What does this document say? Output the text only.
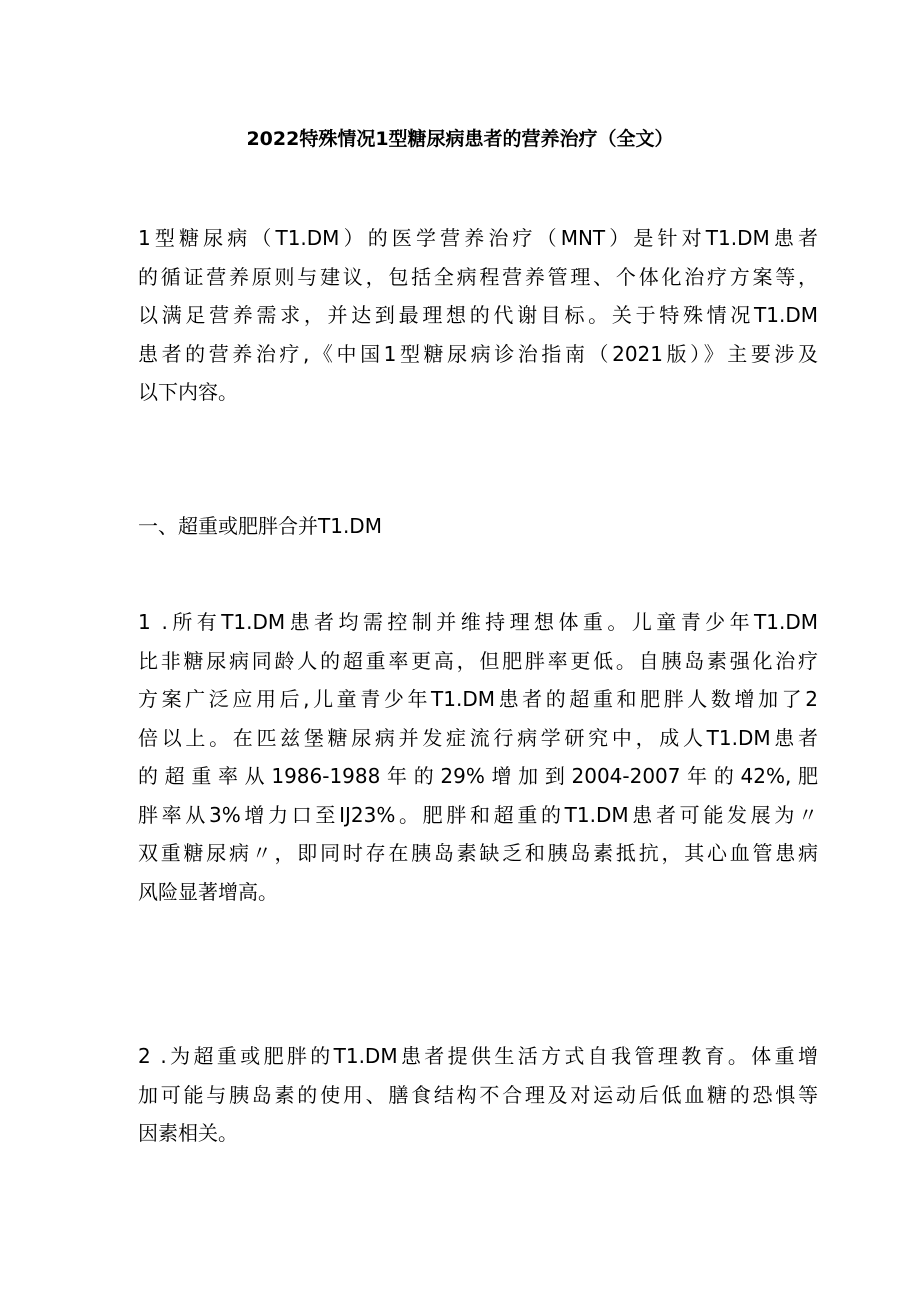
2022特殊情况1型糖尿病患者的营养治疗（全文）
1型糖尿病（T1.DM）的医学营养治疗（MNT）是针对T1.DM患者
的循证营养原则与建议，包括全病程营养管理、个体化治疗方案等，
以满足营养需求，并达到最理想的代谢目标。关于特殊情况T1.DM
患者的营养治疗,《中国1型糖尿病诊治指南（2021版）》主要涉及
以下内容。
一、超重或肥胖合并T1.DM
1 .所有T1.DM患者均需控制并维持理想体重。儿童青少年T1.DM
比非糖尿病同龄人的超重率更高，但肥胖率更低。自胰岛素强化治疗
方案广泛应用后,儿童青少年T1.DM患者的超重和肥胖人数增加了2
倍以上。在匹兹堡糖尿病并发症流行病学研究中，成人T1.DM患者
的超重率从1986-1988年的29%增加到2004-2007年的42%,肥
胖率从3%增力口至IJ23%。肥胖和超重的T1.DM患者可能发展为〃
双重糖尿病〃，即同时存在胰岛素缺乏和胰岛素抵抗，其心血管患病
风险显著增高。
2 .为超重或肥胖的T1.DM患者提供生活方式自我管理教育。体重增
加可能与胰岛素的使用、膳食结构不合理及对运动后低血糖的恐惧等
因素相关。
